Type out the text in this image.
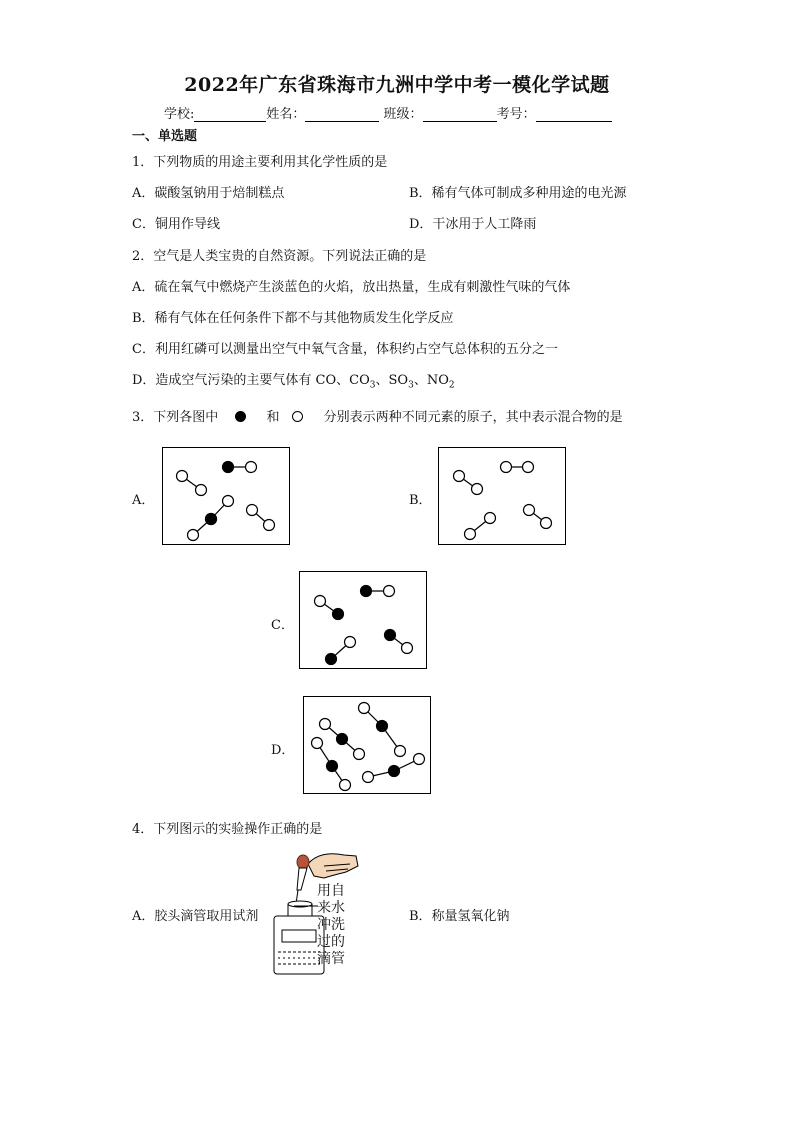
2022年广东省珠海市九洲中学中考一模化学试题
学校:	姓名：	班级：	考号：
一、单选题
1．下列物质的用途主要利用其化学性质的是
A．碳酸氢钠用于焙制糕点	B．稀有气体可制成多种用途的电光源
C．铜用作导线	D．干冰用于人工降雨
2．空气是人类宝贵的自然资源。下列说法正确的是
A．硫在氧气中燃烧产生淡蓝色的火焰，放出热量，生成有刺激性气味的气体
B．稀有气体在任何条件下都不与其他物质发生化学反应
C．利用红磷可以测量出空气中氧气含量，体积约占空气总体积的五分之一
D．造成空气污染的主要气体有 CO、$CO_3$、$SO_3$、$NO_2$
3．下列各图中	和	分别表示两种不同元素的原子，其中表示混合物的是
A．	B．
C．
D．
4．下列图示的实验操作正确的是
A．胶头滴管取用试剂	B．称量氢氧化钠
用自来水冲洗过的滴管
